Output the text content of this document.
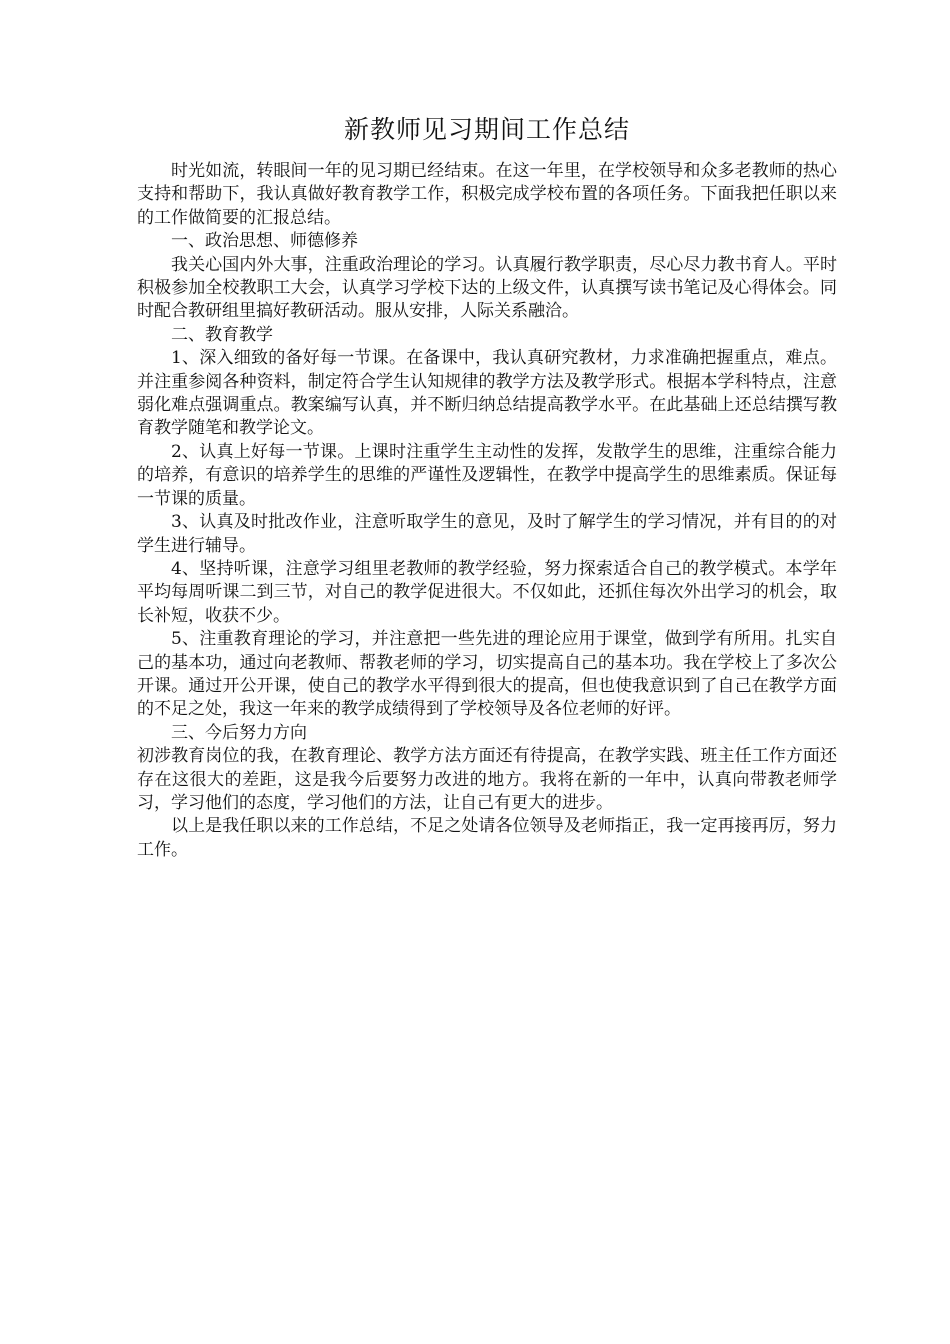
新教师见习期间工作总结

时光如流，转眼间一年的见习期已经结束。在这一年里，在学校领导和众多老教师的热心支持和帮助下，我认真做好教育教学工作，积极完成学校布置的各项任务。下面我把任职以来的工作做简要的汇报总结。

一、政治思想、师德修养

我关心国内外大事，注重政治理论的学习。认真履行教学职责，尽心尽力教书育人。平时积极参加全校教职工大会，认真学习学校下达的上级文件，认真撰写读书笔记及心得体会。同时配合教研组里搞好教研活动。服从安排，人际关系融洽。

二、教育教学

1、深入细致的备好每一节课。在备课中，我认真研究教材，力求准确把握重点，难点。并注重参阅各种资料，制定符合学生认知规律的教学方法及教学形式。根据本学科特点，注意弱化难点强调重点。教案编写认真，并不断归纳总结提高教学水平。在此基础上还总结撰写教育教学随笔和教学论文。

2、认真上好每一节课。上课时注重学生主动性的发挥，发散学生的思维，注重综合能力的培养，有意识的培养学生的思维的严谨性及逻辑性，在教学中提高学生的思维素质。保证每一节课的质量。

3、认真及时批改作业，注意听取学生的意见，及时了解学生的学习情况，并有目的的对学生进行辅导。

4、坚持听课，注意学习组里老教师的教学经验，努力探索适合自己的教学模式。本学年平均每周听课二到三节，对自己的教学促进很大。不仅如此，还抓住每次外出学习的机会，取长补短，收获不少。

5、注重教育理论的学习，并注意把一些先进的理论应用于课堂，做到学有所用。扎实自己的基本功，通过向老教师、帮教老师的学习，切实提高自己的基本功。我在学校上了多次公开课。通过开公开课，使自己的教学水平得到很大的提高，但也使我意识到了自己在教学方面的不足之处，我这一年来的教学成绩得到了学校领导及各位老师的好评。

三、今后努力方向

初涉教育岗位的我，在教育理论、教学方法方面还有待提高，在教学实践、班主任工作方面还存在这很大的差距，这是我今后要努力改进的地方。我将在新的一年中，认真向带教老师学习，学习他们的态度，学习他们的方法，让自己有更大的进步。

以上是我任职以来的工作总结，不足之处请各位领导及老师指正，我一定再接再厉，努力工作。
